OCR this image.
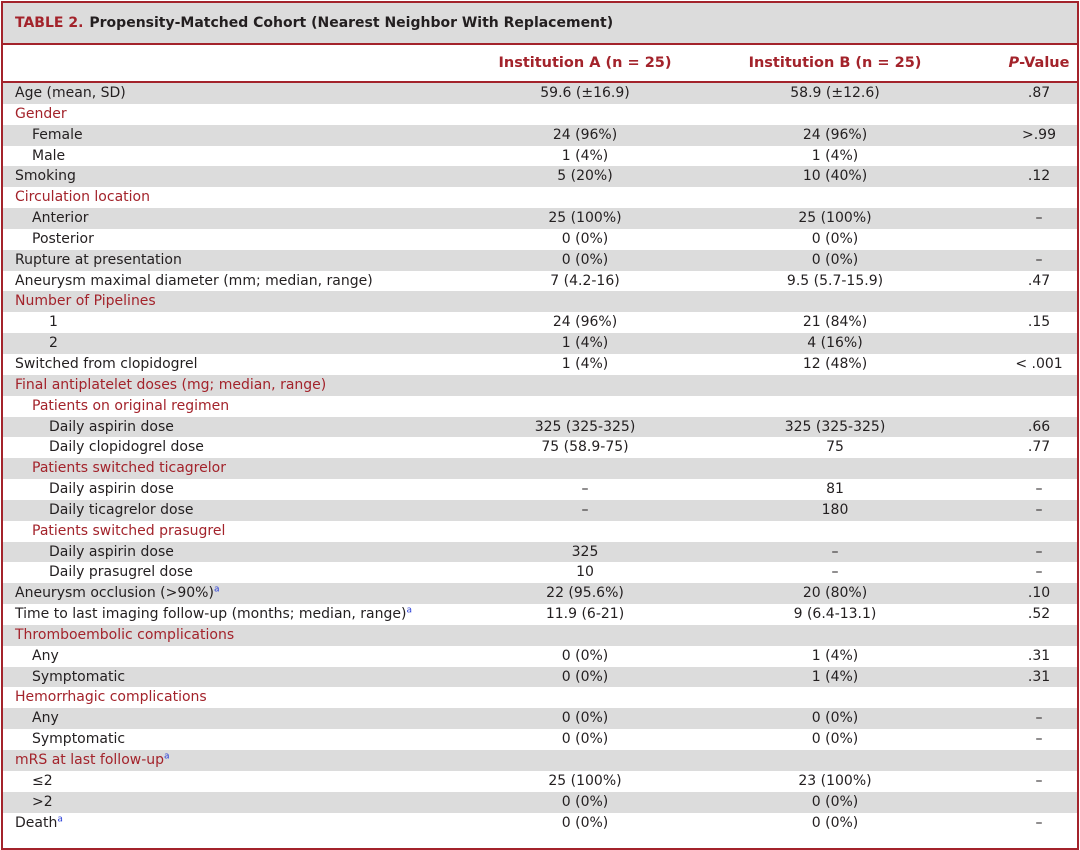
TABLE 2. Propensity-Matched Cohort (Nearest Neighbor With Replacement)
Institution A (n = 25)	Institution B (n = 25)	P-Value
Age (mean, SD)	59.6 (±16.9)	58.9 (±12.6)	.87
Gender
Female	24 (96%)	24 (96%)	>.99
Male	1 (4%)	1 (4%)
Smoking	5 (20%)	10 (40%)	.12
Circulation location
Anterior	25 (100%)	25 (100%)	–
Posterior	0 (0%)	0 (0%)
Rupture at presentation	0 (0%)	0 (0%)	–
Aneurysm maximal diameter (mm; median, range)	7 (4.2-16)	9.5 (5.7-15.9)	.47
Number of Pipelines
1	24 (96%)	21 (84%)	.15
2	1 (4%)	4 (16%)
Switched from clopidogrel	1 (4%)	12 (48%)	< .001
Final antiplatelet doses (mg; median, range)
Patients on original regimen
Daily aspirin dose	325 (325-325)	325 (325-325)	.66
Daily clopidogrel dose	75 (58.9-75)	75	.77
Patients switched ticagrelor
Daily aspirin dose	–	81	–
Daily ticagrelor dose	–	180	–
Patients switched prasugrel
Daily aspirin dose	325	–	–
Daily prasugrel dose	10	–	–
Aneurysm occlusion (>90%)$^a$	22 (95.6%)	20 (80%)	.10
Time to last imaging follow-up (months; median, range)$^a$	11.9 (6-21)	9 (6.4-13.1)	.52
Thromboembolic complications
Any	0 (0%)	1 (4%)	.31
Symptomatic	0 (0%)	1 (4%)	.31
Hemorrhagic complications
Any	0 (0%)	0 (0%)	–
Symptomatic	0 (0%)	0 (0%)	–
mRS at last follow-$up^a$
≤2	25 (100%)	23 (100%)	–
>2	0 (0%)	0 (0%)
Death$^a$	0 (0%)	0 (0%)	–
